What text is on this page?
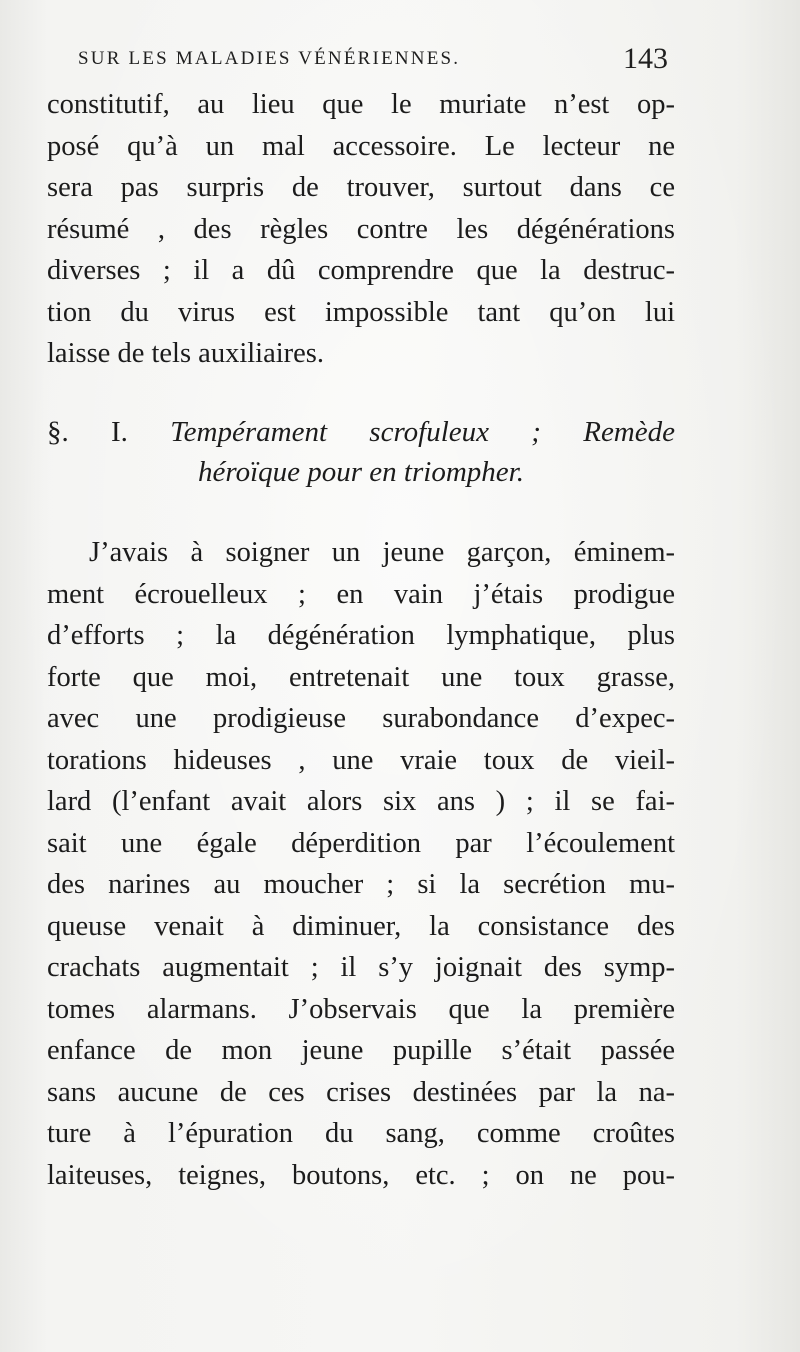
SUR LES MALADIES VÉNÉRIENNES.	143
constitutif, au lieu que le muriate n’est op-
posé qu’à un mal accessoire. Le lecteur ne
sera pas surpris de trouver, surtout dans ce
résumé , des règles contre les dégénérations
diverses ; il a dû comprendre que la destruc-
tion du virus est impossible tant qu’on lui
laisse de tels auxiliaires.
§. I. Tempérament scrofuleux ; Remède
héroïque pour en triompher.
J’avais à soigner un jeune garçon, éminem-
ment écrouelleux ; en vain j’étais prodigue
d’efforts ; la dégénération lymphatique, plus
forte que moi, entretenait une toux grasse,
avec une prodigieuse surabondance d’expec-
torations hideuses , une vraie toux de vieil-
lard (l’enfant avait alors six ans ) ; il se fai-
sait une égale déperdition par l’écoulement
des narines au moucher ; si la secrétion mu-
queuse venait à diminuer, la consistance des
crachats augmentait ; il s’y joignait des symp-
tomes alarmans. J’observais que la première
enfance de mon jeune pupille s’était passée
sans aucune de ces crises destinées par la na-
ture à l’épuration du sang, comme croûtes
laiteuses, teignes, boutons, etc. ; on ne pou-
